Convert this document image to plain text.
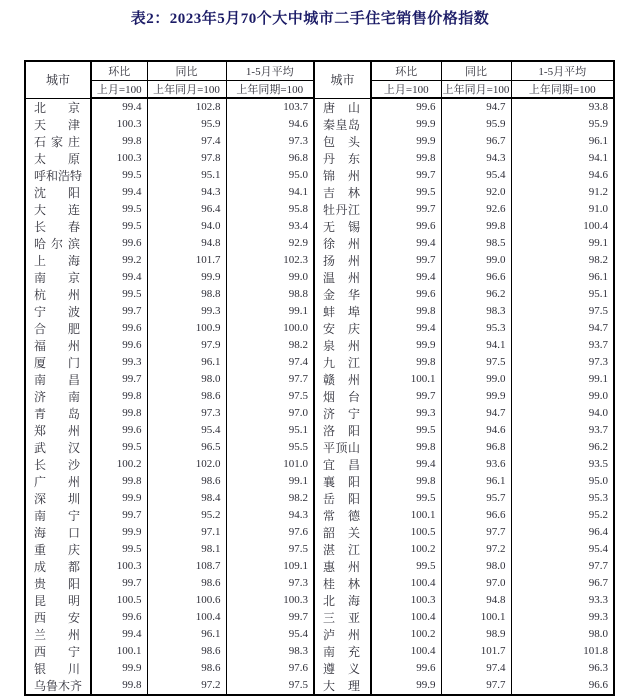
表2：2023年5月70个大中城市二手住宅销售价格指数
城市	环比	同比	1-5月平均	城市	环比	同比	1-5月平均
	上月=100	上年同月=100	上年同期=100		上月=100	上年同月=100	上年同期=100
北京	99.4	102.8	103.7	唐山	99.6	94.7	93.8
天津	100.3	95.9	94.6	秦皇岛	99.9	95.9	95.9
石家庄	99.8	97.4	97.3	包头	99.9	96.7	96.1
太原	100.3	97.8	96.8	丹东	99.8	94.3	94.1
呼和浩特	99.5	95.1	95.0	锦州	99.7	95.4	94.6
沈阳	99.4	94.3	94.1	吉林	99.5	92.0	91.2
大连	99.5	96.4	95.8	牡丹江	99.7	92.6	91.0
长春	99.5	94.0	93.4	无锡	99.6	99.8	100.4
哈尔滨	99.6	94.8	92.9	徐州	99.4	98.5	99.1
上海	99.2	101.7	102.3	扬州	99.7	99.0	98.2
南京	99.4	99.9	99.0	温州	99.4	96.6	96.1
杭州	99.5	98.8	98.8	金华	99.6	96.2	95.1
宁波	99.7	99.3	99.1	蚌埠	99.8	98.3	97.5
合肥	99.6	100.9	100.0	安庆	99.4	95.3	94.7
福州	99.6	97.9	98.2	泉州	99.9	94.1	93.7
厦门	99.3	96.1	97.4	九江	99.8	97.5	97.3
南昌	99.7	98.0	97.7	赣州	100.1	99.0	99.1
济南	99.8	98.6	97.5	烟台	99.7	99.9	99.0
青岛	99.8	97.3	97.0	济宁	99.3	94.7	94.0
郑州	99.6	95.4	95.1	洛阳	99.5	94.6	93.7
武汉	99.5	96.5	95.5	平顶山	99.8	96.8	96.2
长沙	100.2	102.0	101.0	宜昌	99.4	93.6	93.5
广州	99.8	98.6	99.1	襄阳	99.8	96.1	95.0
深圳	99.9	98.4	98.2	岳阳	99.5	95.7	95.3
南宁	99.7	95.2	94.3	常德	100.1	96.6	95.2
海口	99.9	97.1	97.6	韶关	100.5	97.7	96.4
重庆	99.5	98.1	97.5	湛江	100.2	97.2	95.4
成都	100.3	108.7	109.1	惠州	99.5	98.0	97.7
贵阳	99.7	98.6	97.3	桂林	100.4	97.0	96.7
昆明	100.5	100.6	100.3	北海	100.3	94.8	93.3
西安	99.6	100.4	99.7	三亚	100.4	100.1	99.3
兰州	99.4	96.1	95.4	泸州	100.2	98.9	98.0
西宁	100.1	98.6	98.3	南充	100.4	101.7	101.8
银川	99.9	98.6	97.6	遵义	99.6	97.4	96.3
乌鲁木齐	99.8	97.2	97.5	大理	99.9	97.7	96.6
